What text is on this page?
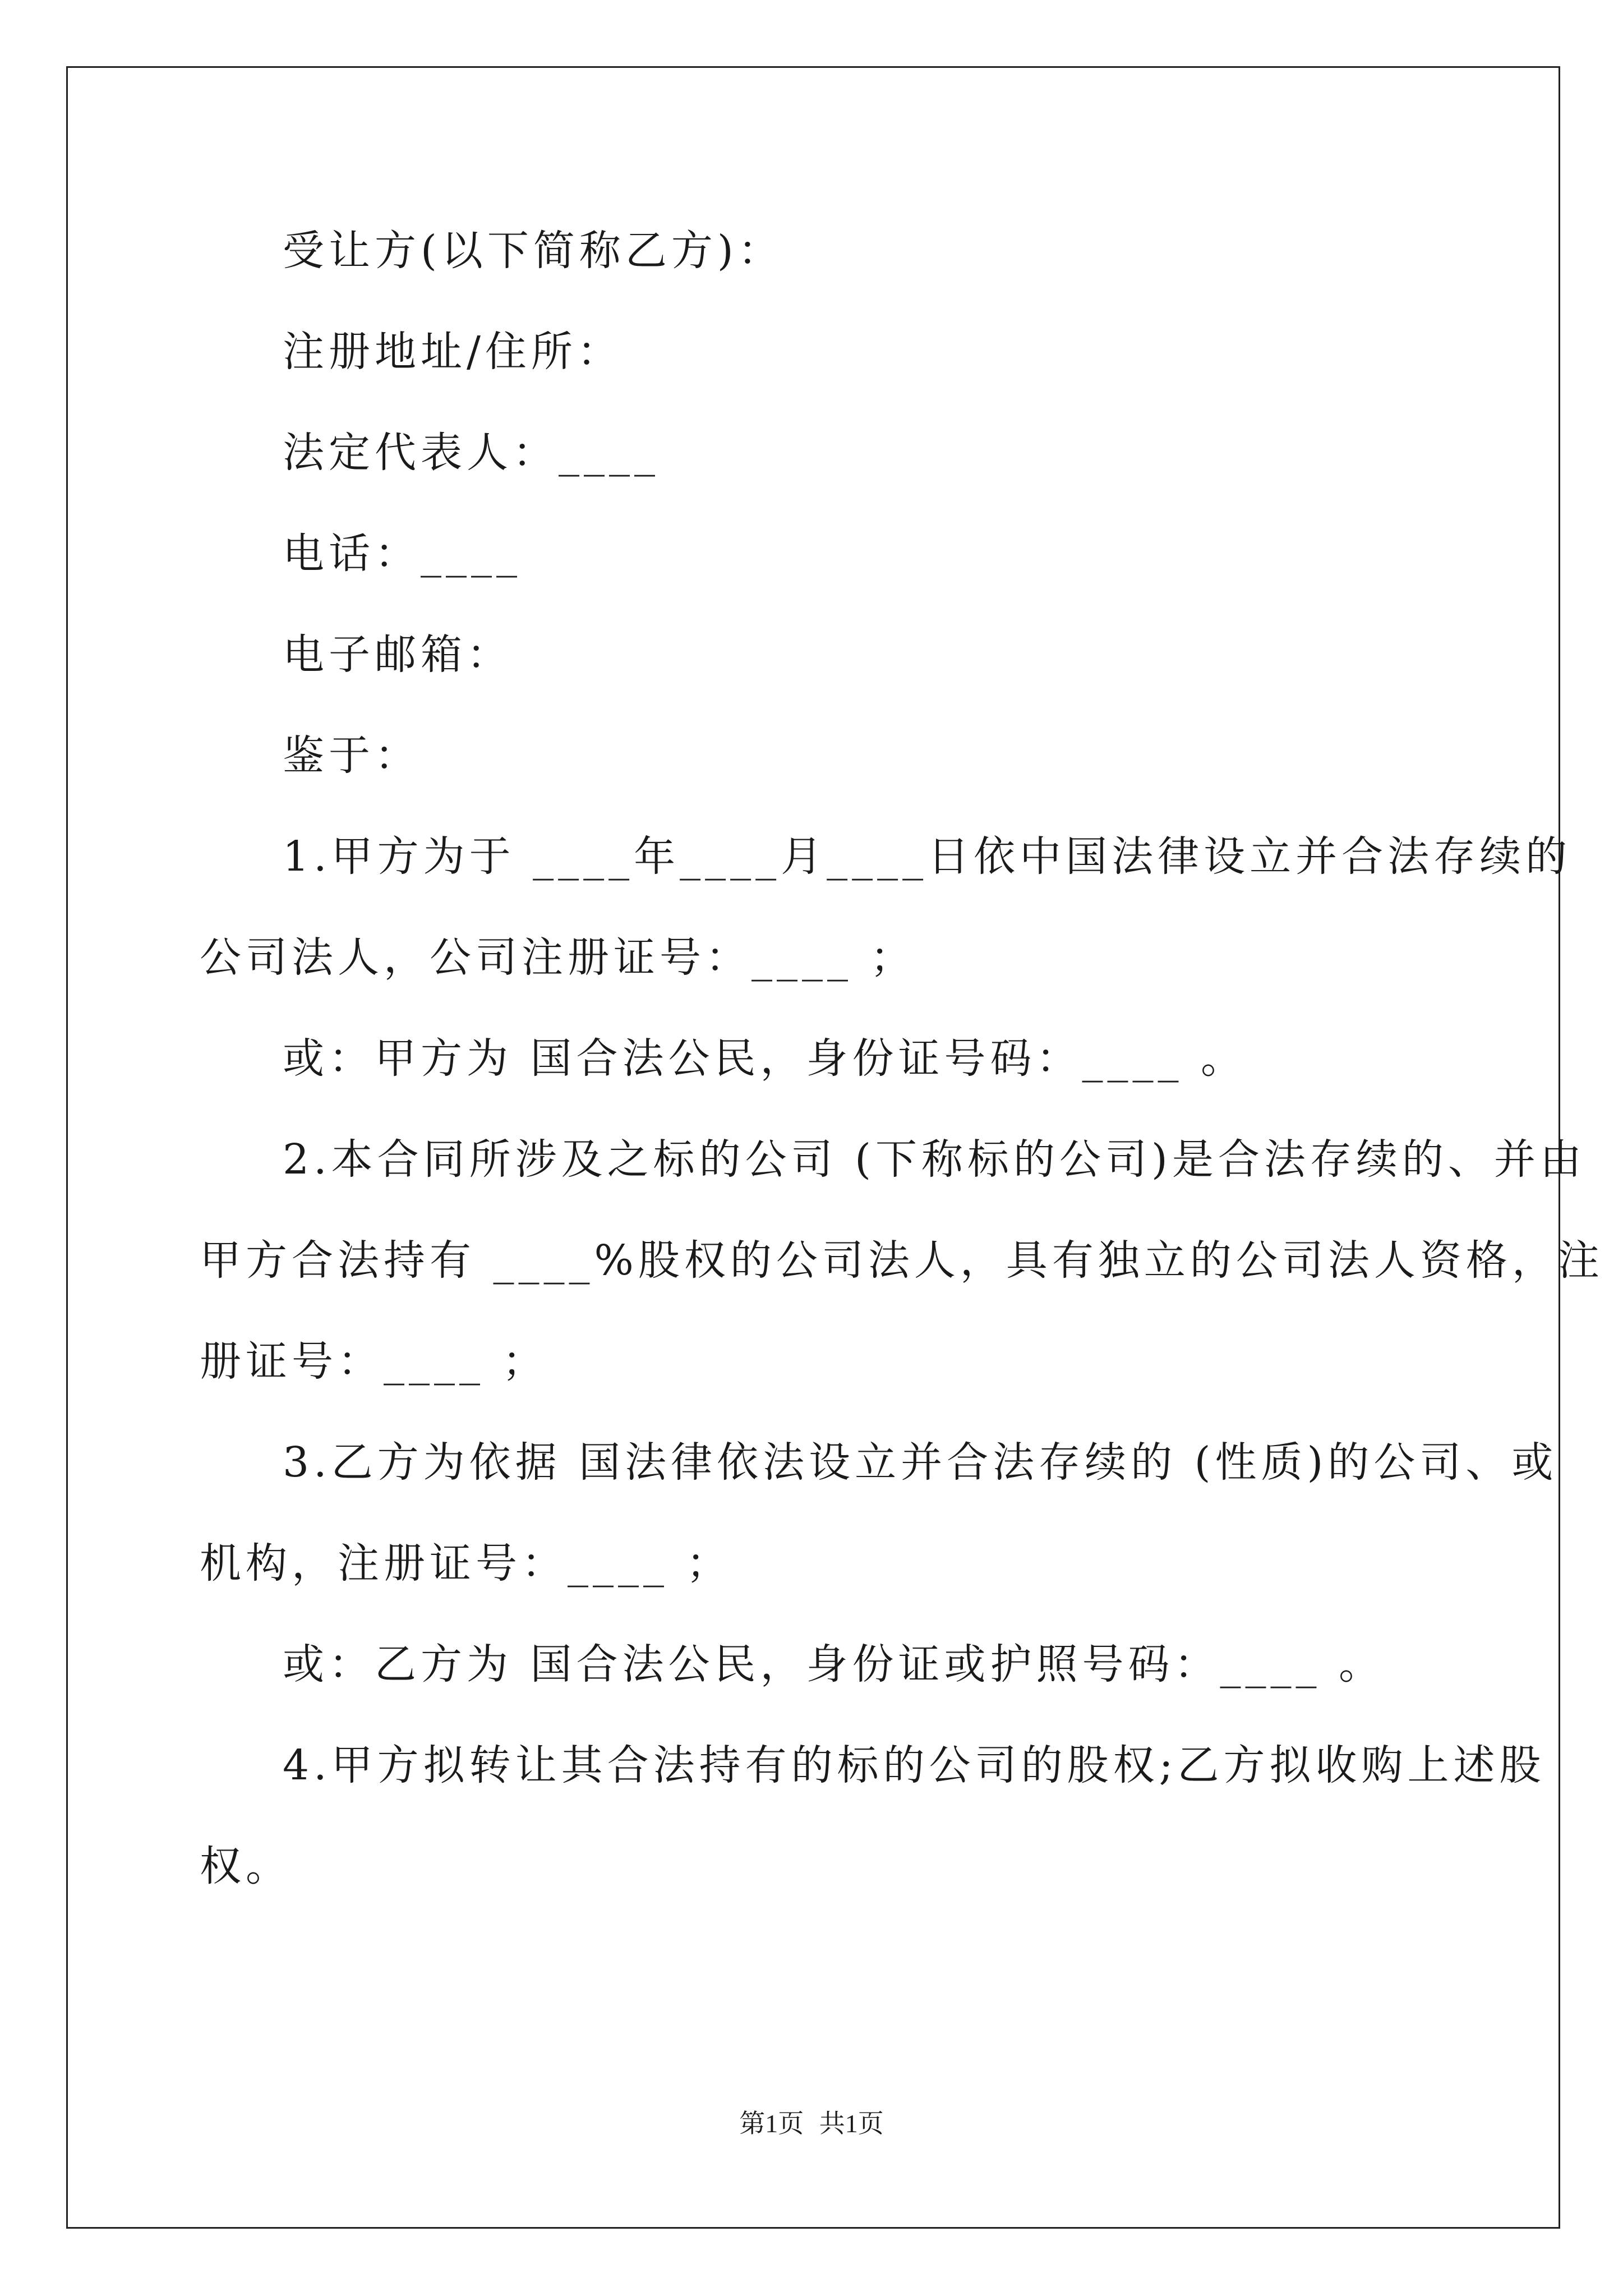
受让方(以下简称乙方)：
注册地址/住所：
法定代表人：____
电话：____
电子邮箱：
鉴于：
1.甲方为于 ____年____月____日依中国法律设立并合法存续的
公司法人，公司注册证号：____ ；
或：甲方为 国合法公民，身份证号码：____ 。
2.本合同所涉及之标的公司 (下称标的公司)是合法存续的、并由
甲方合法持有 ____%股权的公司法人，具有独立的公司法人资格，注
册证号：____ ；
3.乙方为依据 国法律依法设立并合法存续的 (性质)的公司、或
机构，注册证号：____ ；
或：乙方为 国合法公民，身份证或护照号码：____ 。
4.甲方拟转让其合法持有的标的公司的股权;乙方拟收购上述股
权。
第1页 共1页
